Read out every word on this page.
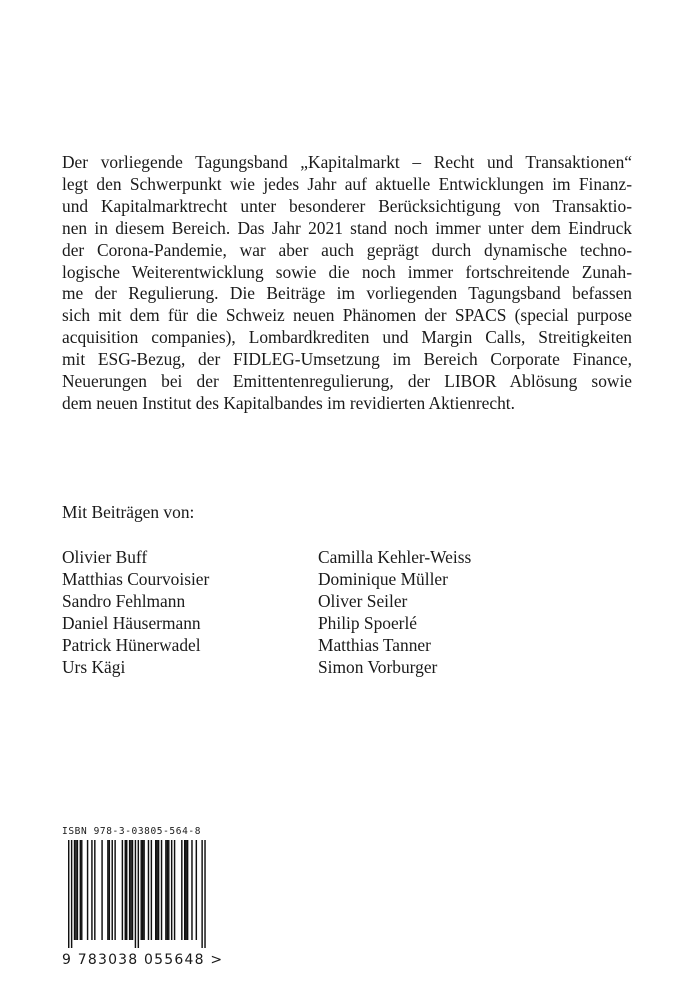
Der vorliegende Tagungsband „Kapitalmarkt – Recht und Transaktionen“
legt den Schwerpunkt wie jedes Jahr auf aktuelle Entwicklungen im Finanz-
und Kapitalmarktrecht unter besonderer Berücksichtigung von Transaktio-
nen in diesem Bereich. Das Jahr 2021 stand noch immer unter dem Eindruck
der Corona-Pandemie, war aber auch geprägt durch dynamische techno-
logische Weiterentwicklung sowie die noch immer fortschreitende Zunah-
me der Regulierung. Die Beiträge im vorliegenden Tagungsband befassen
sich mit dem für die Schweiz neuen Phänomen der SPACS (special purpose
acquisition companies), Lombardkrediten und Margin Calls, Streitigkeiten
mit ESG-Bezug, der FIDLEG-Umsetzung im Bereich Corporate Finance,
Neuerungen bei der Emittentenregulierung, der LIBOR Ablösung sowie
dem neuen Institut des Kapitalbandes im revidierten Aktienrecht.

Mit Beiträgen von:

Olivier Buff
Matthias Courvoisier
Sandro Fehlmann
Daniel Häusermann
Patrick Hünerwadel
Urs Kägi
Camilla Kehler-Weiss
Dominique Müller
Oliver Seiler
Philip Spoerlé
Matthias Tanner
Simon Vorburger

ISBN 978-3-03805-564-8

9 783038 055648 >
